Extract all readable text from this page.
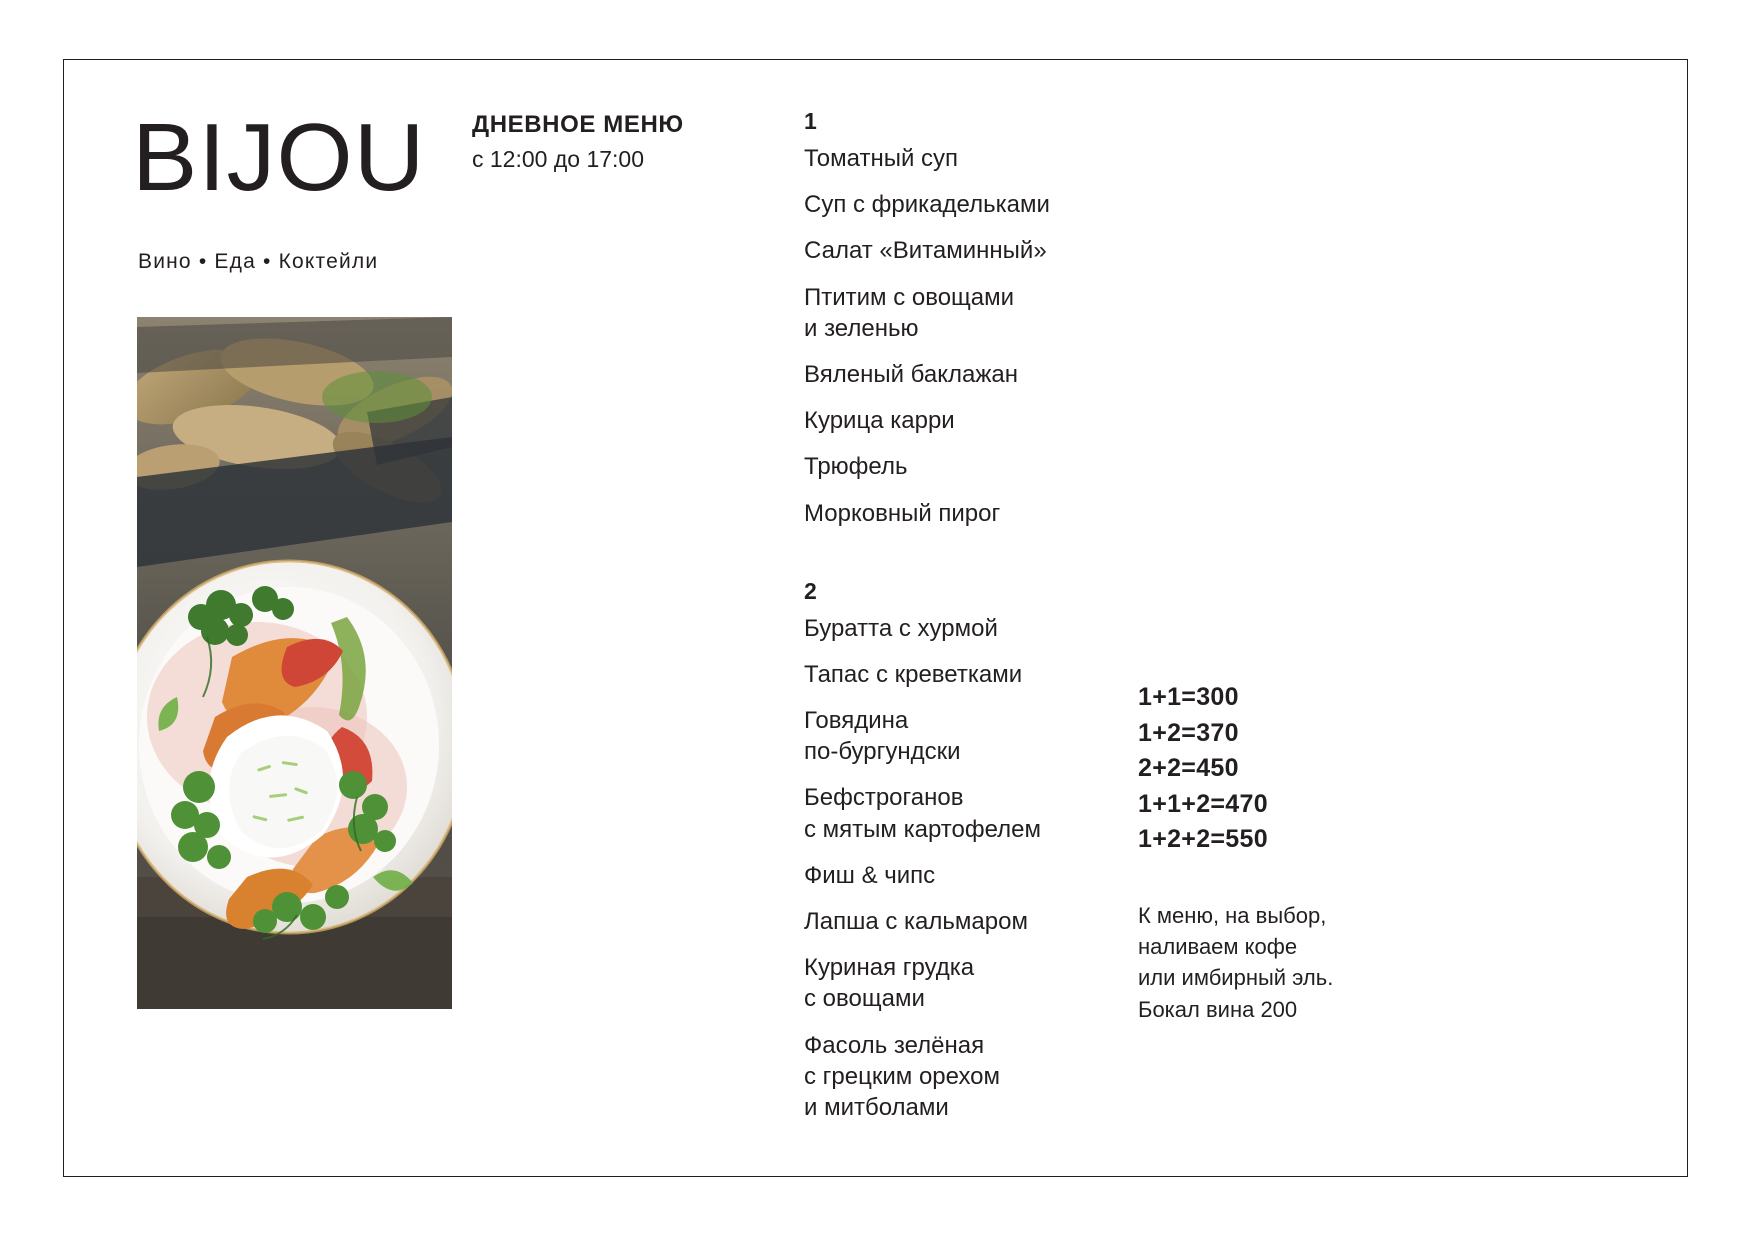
BIJOU
Вино • Еда • Коктейли
ДНЕВНОЕ МЕНЮ
с 12:00 до 17:00
1
Томатный суп
Суп с фрикадельками
Салат «Витаминный»
Птитим с овощами
и зеленью
Вяленый баклажан
Курица карри
Трюфель
Морковный пирог
2
Буратта с хурмой
Тапас с креветками
Говядина
по-бургундски
Бефстроганов
с мятым картофелем
Фиш & чипс
Лапша с кальмаром
Куриная грудка
с овощами
Фасоль зелёная
с грецким орехом
и митболами
1+1=300
1+2=370
2+2=450
1+1+2=470
1+2+2=550
К меню, на выбор,
наливаем кофе
или имбирный эль.
Бокал вина 200
